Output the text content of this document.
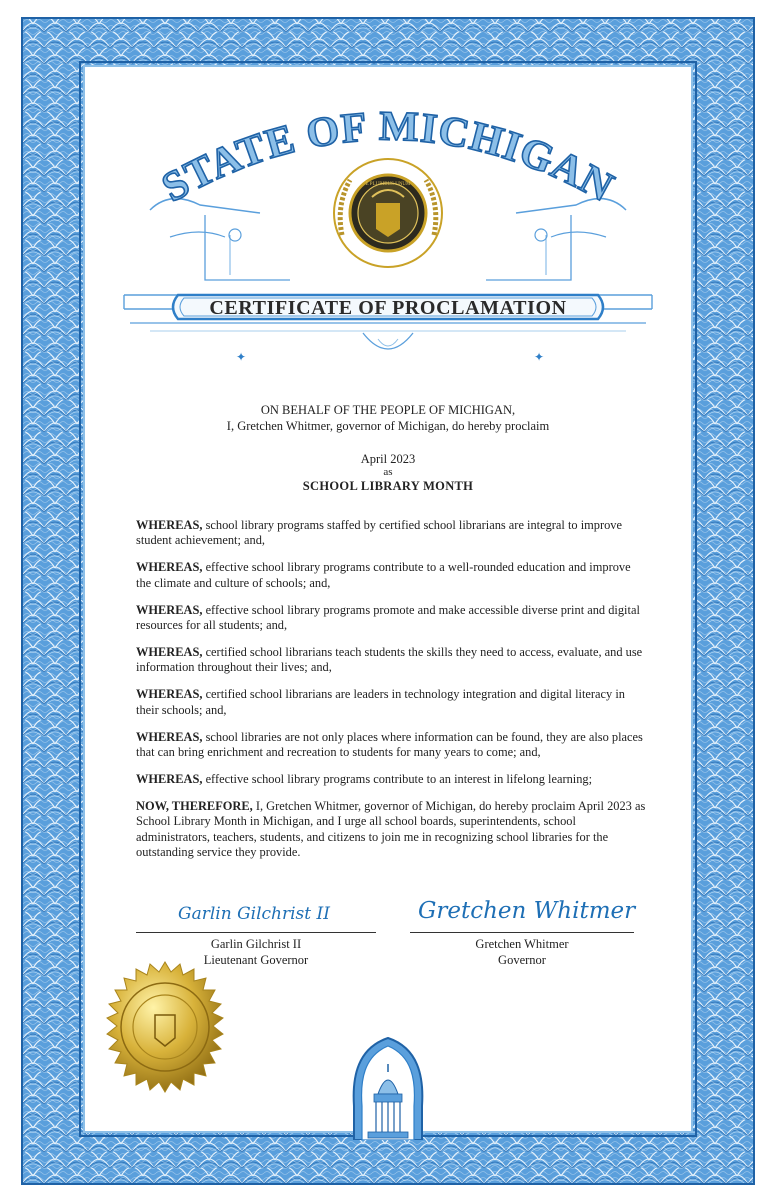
✦	✦
E PLURIBUS UNUM
STATE OF MICHIGAN
CERTIFICATE OF PROCLAMATION
ON BEHALF OF THE PEOPLE OF MICHIGAN,
I, Gretchen Whitmer, governor of Michigan, do hereby proclaim
April 2023
as
SCHOOL LIBRARY MONTH

WHEREAS, school library programs staffed by certified school librarians are integral to improve student achievement; and,

WHEREAS, effective school library programs contribute to a well-rounded education and improve the climate and culture of schools; and,

WHEREAS, effective school library programs promote and make accessible diverse print and digital resources for all students; and,

WHEREAS, certified school librarians teach students the skills they need to access, evaluate, and use information throughout their lives; and,

WHEREAS, certified school librarians are leaders in technology integration and digital literacy in their schools; and,

WHEREAS, school libraries are not only places where information can be found, they are also places that can bring enrichment and recreation to students for many years to come; and,

WHEREAS, effective school library programs contribute to an interest in lifelong learning;

NOW, THEREFORE, I, Gretchen Whitmer, governor of Michigan, do hereby proclaim April 2023 as School Library Month in Michigan, and I urge all school boards, superintendents, school administrators, teachers, students, and citizens to join me in recognizing school libraries for the outstanding service they provide.

Garlin Gilchrist II
Garlin Gilchrist II
Lieutenant Governor
Gretchen Whitmer
Gretchen Whitmer
Governor
